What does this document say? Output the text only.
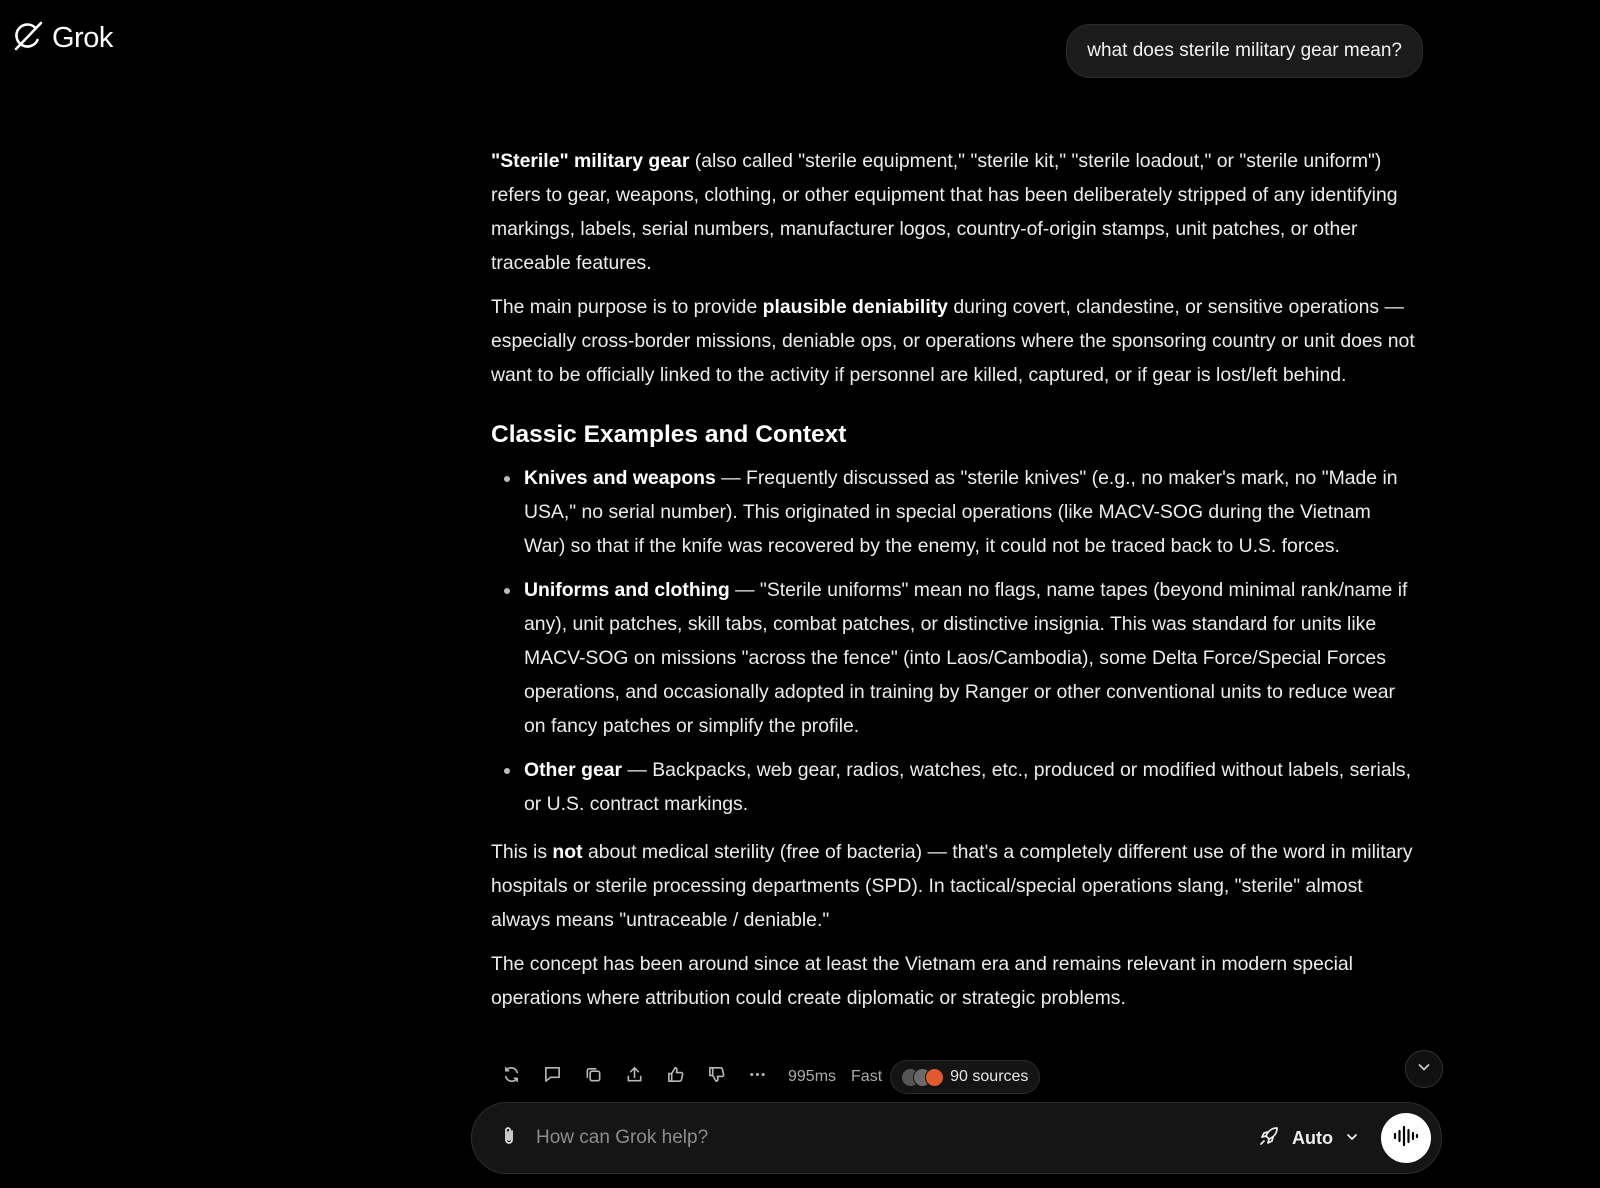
Grok	what does sterile military gear mean?

"Sterile" military gear (also called "sterile equipment," "sterile kit," "sterile loadout," or "sterile uniform") refers to gear, weapons, clothing, or other equipment that has been deliberately stripped of any identifying markings, labels, serial numbers, manufacturer logos, country-of-origin stamps, unit patches, or other traceable features.

The main purpose is to provide plausible deniability during covert, clandestine, or sensitive operations — especially cross-border missions, deniable ops, or operations where the sponsoring country or unit does not want to be officially linked to the activity if personnel are killed, captured, or if gear is lost/left behind.

Classic Examples and Context
Knives and weapons — Frequently discussed as "sterile knives" (e.g., no maker's mark, no "Made in USA," no serial number). This originated in special operations (like MACV-SOG during the Vietnam War) so that if the knife was recovered by the enemy, it could not be traced back to U.S. forces.
Uniforms and clothing — "Sterile uniforms" mean no flags, name tapes (beyond minimal rank/name if any), unit patches, skill tabs, combat patches, or distinctive insignia. This was standard for units like MACV-SOG on missions "across the fence" (into Laos/Cambodia), some Delta Force/Special Forces operations, and occasionally adopted in training by Ranger or other conventional units to reduce wear on fancy patches or simplify the profile.
Other gear — Backpacks, web gear, radios, watches, etc., produced or modified without labels, serials, or U.S. contract markings.

This is not about medical sterility (free of bacteria) — that's a completely different use of the word in military hospitals or sterile processing departments (SPD). In tactical/special operations slang, "sterile" almost always means "untraceable / deniable."

The concept has been around since at least the Vietnam era and remains relevant in modern special operations where attribution could create diplomatic or strategic problems.

995ms Fast	90 sources
How can Grok help?
Auto
